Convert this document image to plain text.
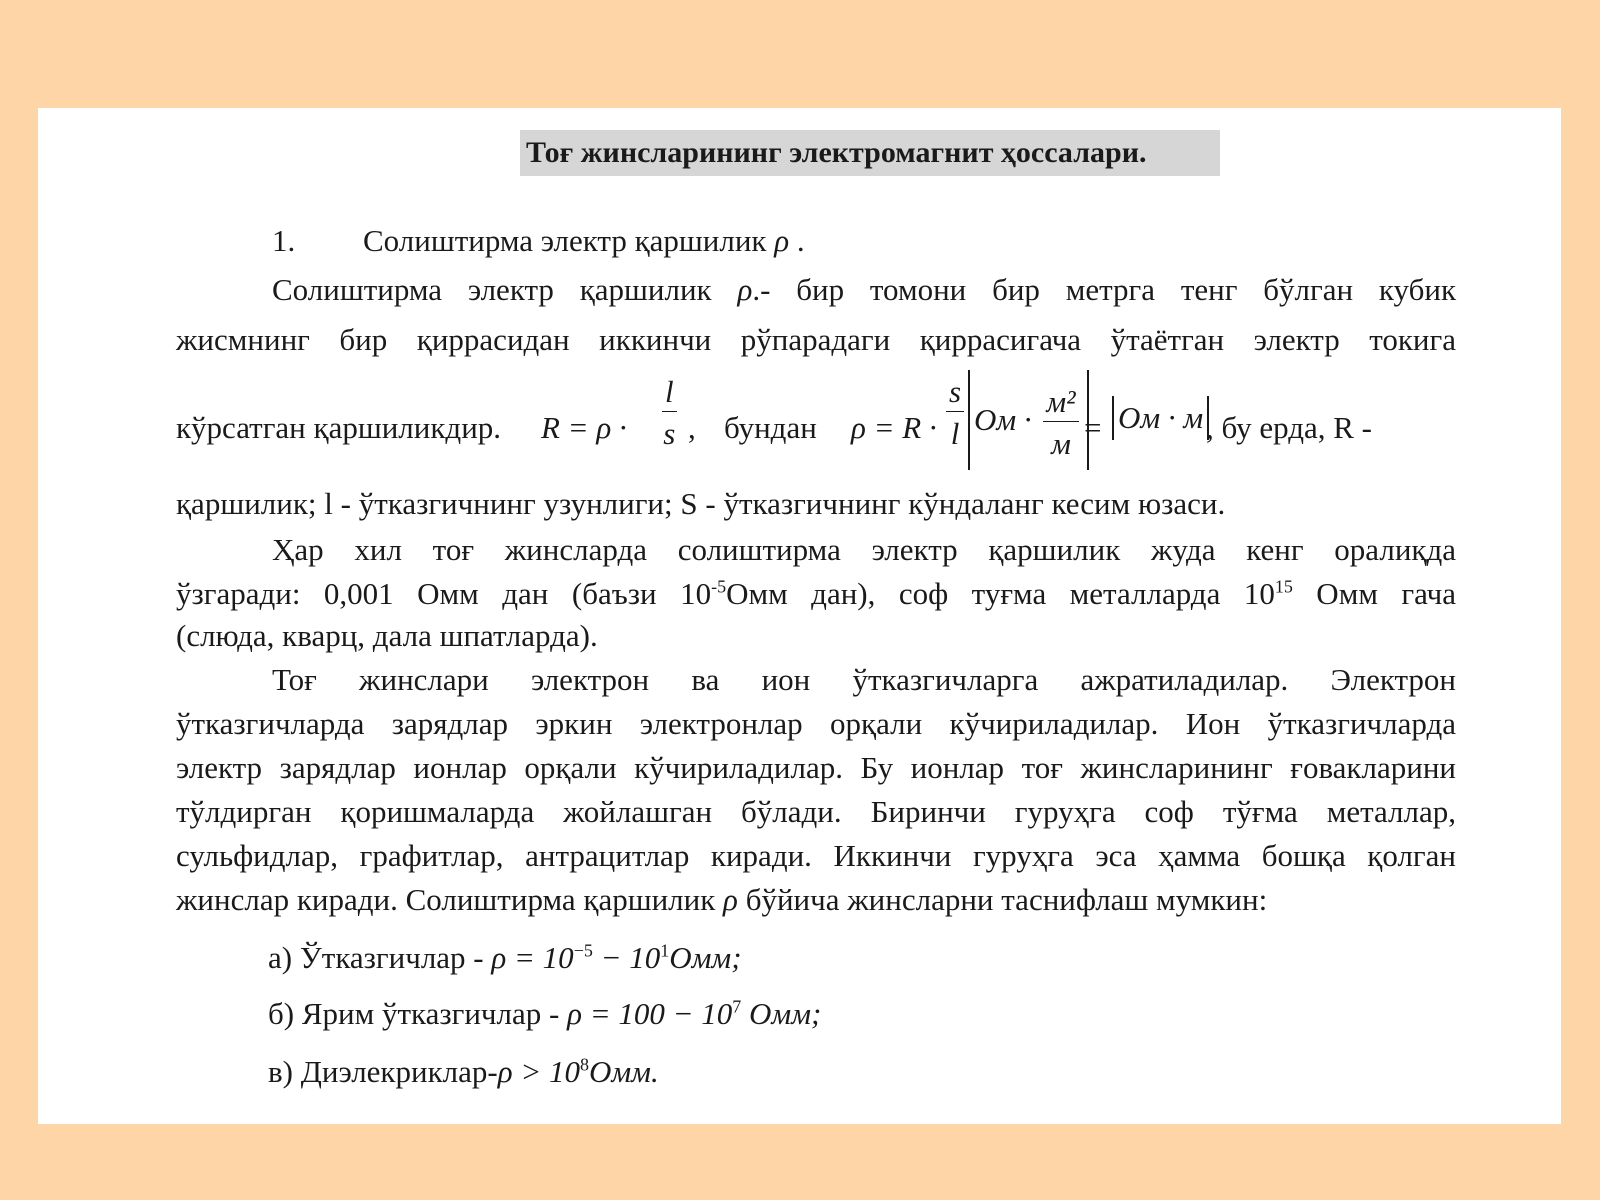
Тоғ жинсларининг электромагнит ҳоссалари.
1. Солиштирма электр қаршилик ρ .
Солиштирма электр қаршилик ρ.- бир томони бир метрга тенг бўлган кубик
жисмнинг бир қиррасидан иккинчи рўпарадаги қиррасигача ўтаётган электр токига
кўрсатган қаршиликдир. $R = \rho \cdot \frac{l}{s}$ , бундан $\rho = R \cdot \frac{s}{l}$ Ом · $\frac{\text{м²}}{м}$ = Ом · м , бу ерда, R -
қаршилик; l - ўтказгичнинг узунлиги; S - ўтказгичнинг кўндаланг кесим юзаси.
Ҳар хил тоғ жинсларда солиштирма электр қаршилик жуда кенг оралиқда
ўзгаради: 0,001 Омм дан (баъзи $10^{-5}Омм$ дан), соф туғма металларда $10^{15}$ Омм гача
(слюда, кварц, дала шпатларда).
Тоғ жинслари электрон ва ион ўтказгичларга ажратиладилар. Электрон
ўтказгичларда зарядлар эркин электронлар орқали кўчириладилар. Ион ўтказгичларда
электр зарядлар ионлар орқали кўчириладилар. Бу ионлар тоғ жинсларининг ғовакларини
тўлдирган қоришмаларда жойлашган бўлади. Биринчи гуруҳга соф тўғма металлар,
сульфидлар, графитлар, антрацитлар киради. Иккинчи гуруҳга эса ҳамма бошқа қолган
жинслар киради. Солиштирма қаршилик ρ бўйича жинсларни таснифлаш мумкин:
а) Ўтказгичлар - $\rho = 10^{-5} - 10^1Омм$;
б) Ярим ўтказгичлар - $\rho = 100 - 10^7$ Омм;
в) Диэлекриклар-ρ > $10^8Омм$.
